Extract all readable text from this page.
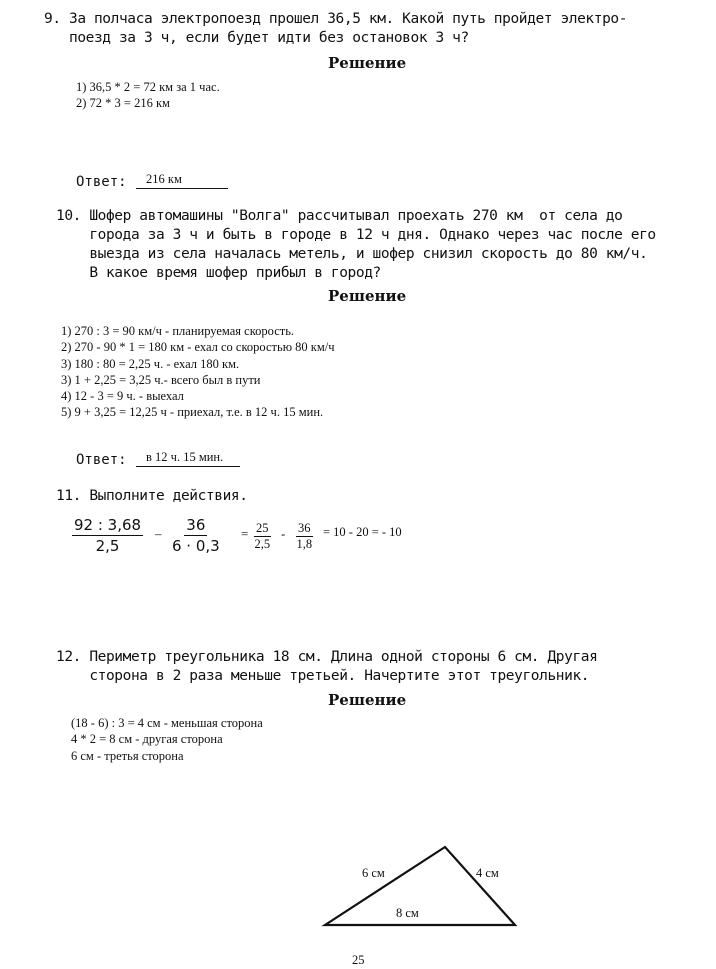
9. За полчаса электропоезд прошел 36,5 км. Какой путь пройдет электро-
поезд за 3 ч, если будет идти без остановок 3 ч?
Решение
1) 36,5 * 2 = 72 км за 1 час.
2) 72 * 3 = 216 км
Ответ:	216 км
10. Шофер автомашины "Волга" рассчитывал проехать 270 км  от села до
города за 3 ч и быть в городе в 12 ч дня. Однако через час после его
выезда из села началась метель, и шофер снизил скорость до 80 км/ч.
В какое время шофер прибыл в город?
Решение
1) 270 : 3 = 90 км/ч - планируемая скорость.
2) 270 - 90 * 1 = 180 км - ехал со скоростью 80 км/ч
3) 180 : 80 = 2,25 ч. - ехал 180 км.
3) 1 + 2,25 = 3,25 ч.- всего был в пути
4) 12 - 3 = 9 ч. - выехал
5) 9 + 3,25 = 12,25 ч - приехал, т.е. в 12 ч. 15 мин.
Ответ:	в 12 ч. 15 мин.
11. Выполните действия.
$\frac{92 : 3,68}{2,5} - \frac{36}{6 \cdot 0,3} = \frac{25}{2,5} - \frac{36}{1,8} = 10 - 20$ = - 10
12. Периметр треугольника 18 см. Длина одной стороны 6 см. Другая
сторона в 2 раза меньше третьей. Начертите этот треугольник.
Решение
(18 - 6) : 3 = 4 см - меньшая сторона
4 * 2 = 8 см - другая сторона
6 см - третья сторона
6 см	4 см
8 см
25
